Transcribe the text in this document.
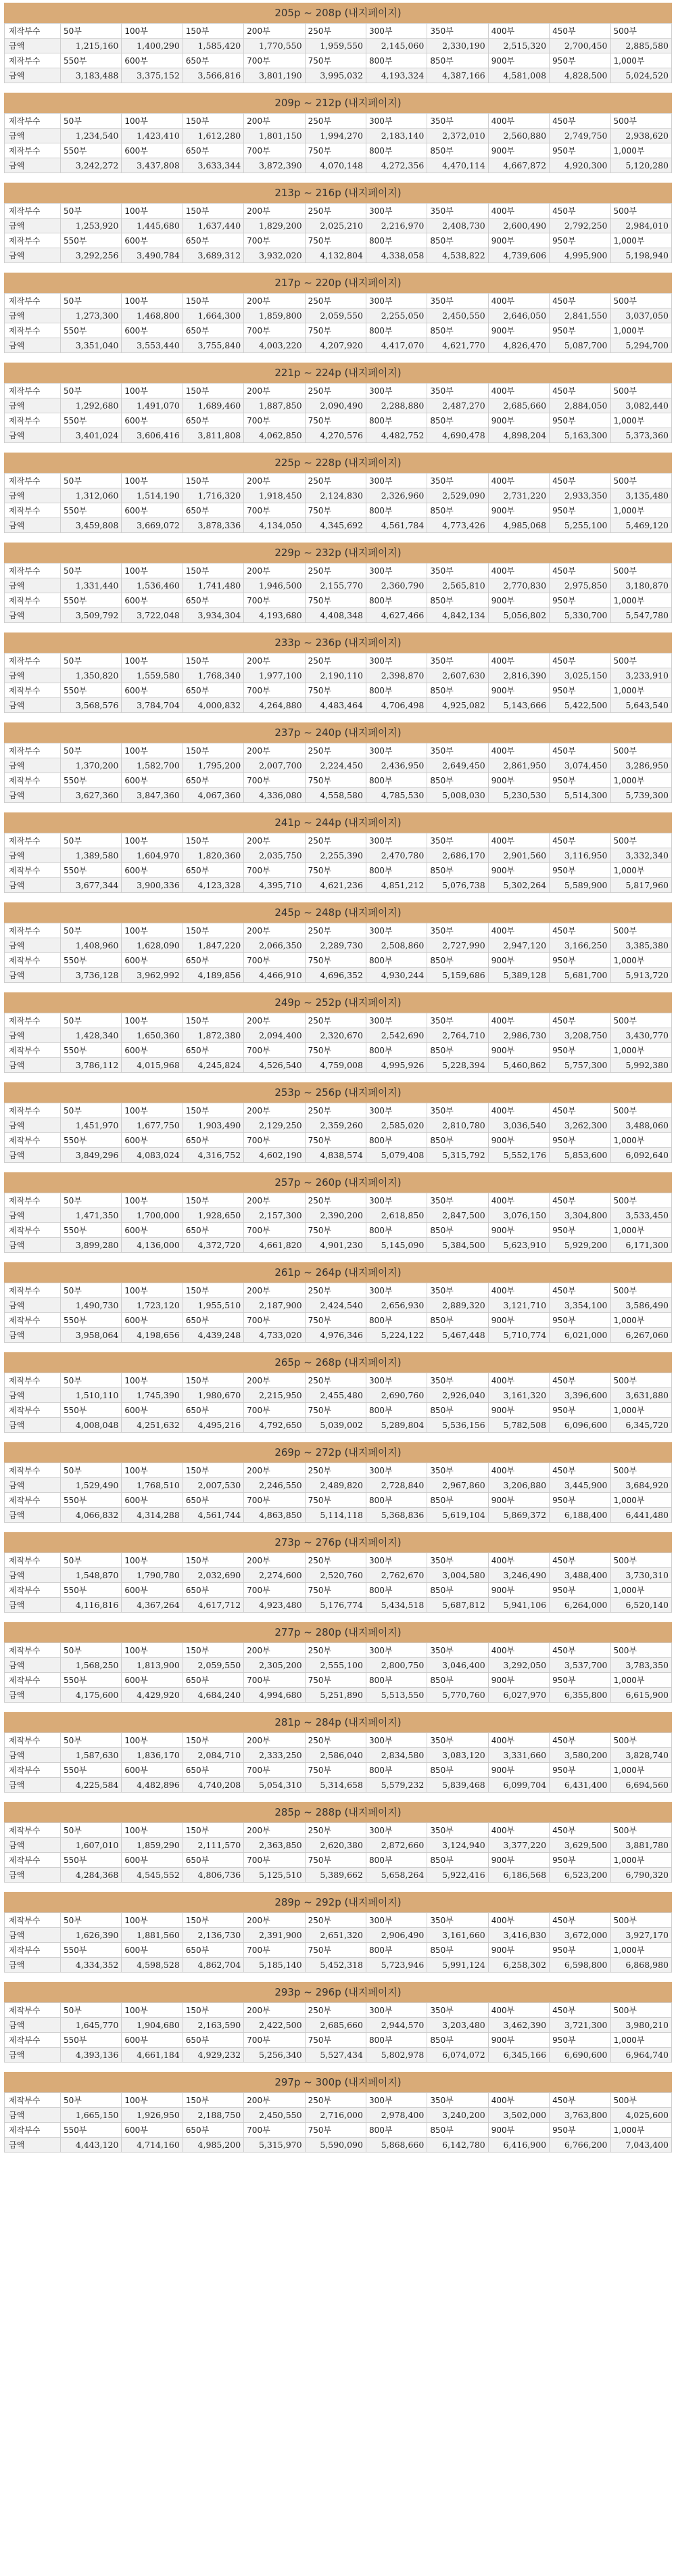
205p ~ 208p (내지페이지)
제작부수	50부	100부	150부	200부	250부	300부	350부	400부	450부	500부
금액	1,215,160	1,400,290	1,585,420	1,770,550	1,959,550	2,145,060	2,330,190	2,515,320	2,700,450	2,885,580
제작부수	550부	600부	650부	700부	750부	800부	850부	900부	950부	1,000부
금액	3,183,488	3,375,152	3,566,816	3,801,190	3,995,032	4,193,324	4,387,166	4,581,008	4,828,500	5,024,520
209p ~ 212p (내지페이지)
제작부수	50부	100부	150부	200부	250부	300부	350부	400부	450부	500부
금액	1,234,540	1,423,410	1,612,280	1,801,150	1,994,270	2,183,140	2,372,010	2,560,880	2,749,750	2,938,620
제작부수	550부	600부	650부	700부	750부	800부	850부	900부	950부	1,000부
금액	3,242,272	3,437,808	3,633,344	3,872,390	4,070,148	4,272,356	4,470,114	4,667,872	4,920,300	5,120,280
213p ~ 216p (내지페이지)
제작부수	50부	100부	150부	200부	250부	300부	350부	400부	450부	500부
금액	1,253,920	1,445,680	1,637,440	1,829,200	2,025,210	2,216,970	2,408,730	2,600,490	2,792,250	2,984,010
제작부수	550부	600부	650부	700부	750부	800부	850부	900부	950부	1,000부
금액	3,292,256	3,490,784	3,689,312	3,932,020	4,132,804	4,338,058	4,538,822	4,739,606	4,995,900	5,198,940
217p ~ 220p (내지페이지)
제작부수	50부	100부	150부	200부	250부	300부	350부	400부	450부	500부
금액	1,273,300	1,468,800	1,664,300	1,859,800	2,059,550	2,255,050	2,450,550	2,646,050	2,841,550	3,037,050
제작부수	550부	600부	650부	700부	750부	800부	850부	900부	950부	1,000부
금액	3,351,040	3,553,440	3,755,840	4,003,220	4,207,920	4,417,070	4,621,770	4,826,470	5,087,700	5,294,700
221p ~ 224p (내지페이지)
제작부수	50부	100부	150부	200부	250부	300부	350부	400부	450부	500부
금액	1,292,680	1,491,070	1,689,460	1,887,850	2,090,490	2,288,880	2,487,270	2,685,660	2,884,050	3,082,440
제작부수	550부	600부	650부	700부	750부	800부	850부	900부	950부	1,000부
금액	3,401,024	3,606,416	3,811,808	4,062,850	4,270,576	4,482,752	4,690,478	4,898,204	5,163,300	5,373,360
225p ~ 228p (내지페이지)
제작부수	50부	100부	150부	200부	250부	300부	350부	400부	450부	500부
금액	1,312,060	1,514,190	1,716,320	1,918,450	2,124,830	2,326,960	2,529,090	2,731,220	2,933,350	3,135,480
제작부수	550부	600부	650부	700부	750부	800부	850부	900부	950부	1,000부
금액	3,459,808	3,669,072	3,878,336	4,134,050	4,345,692	4,561,784	4,773,426	4,985,068	5,255,100	5,469,120
229p ~ 232p (내지페이지)
제작부수	50부	100부	150부	200부	250부	300부	350부	400부	450부	500부
금액	1,331,440	1,536,460	1,741,480	1,946,500	2,155,770	2,360,790	2,565,810	2,770,830	2,975,850	3,180,870
제작부수	550부	600부	650부	700부	750부	800부	850부	900부	950부	1,000부
금액	3,509,792	3,722,048	3,934,304	4,193,680	4,408,348	4,627,466	4,842,134	5,056,802	5,330,700	5,547,780
233p ~ 236p (내지페이지)
제작부수	50부	100부	150부	200부	250부	300부	350부	400부	450부	500부
금액	1,350,820	1,559,580	1,768,340	1,977,100	2,190,110	2,398,870	2,607,630	2,816,390	3,025,150	3,233,910
제작부수	550부	600부	650부	700부	750부	800부	850부	900부	950부	1,000부
금액	3,568,576	3,784,704	4,000,832	4,264,880	4,483,464	4,706,498	4,925,082	5,143,666	5,422,500	5,643,540
237p ~ 240p (내지페이지)
제작부수	50부	100부	150부	200부	250부	300부	350부	400부	450부	500부
금액	1,370,200	1,582,700	1,795,200	2,007,700	2,224,450	2,436,950	2,649,450	2,861,950	3,074,450	3,286,950
제작부수	550부	600부	650부	700부	750부	800부	850부	900부	950부	1,000부
금액	3,627,360	3,847,360	4,067,360	4,336,080	4,558,580	4,785,530	5,008,030	5,230,530	5,514,300	5,739,300
241p ~ 244p (내지페이지)
제작부수	50부	100부	150부	200부	250부	300부	350부	400부	450부	500부
금액	1,389,580	1,604,970	1,820,360	2,035,750	2,255,390	2,470,780	2,686,170	2,901,560	3,116,950	3,332,340
제작부수	550부	600부	650부	700부	750부	800부	850부	900부	950부	1,000부
금액	3,677,344	3,900,336	4,123,328	4,395,710	4,621,236	4,851,212	5,076,738	5,302,264	5,589,900	5,817,960
245p ~ 248p (내지페이지)
제작부수	50부	100부	150부	200부	250부	300부	350부	400부	450부	500부
금액	1,408,960	1,628,090	1,847,220	2,066,350	2,289,730	2,508,860	2,727,990	2,947,120	3,166,250	3,385,380
제작부수	550부	600부	650부	700부	750부	800부	850부	900부	950부	1,000부
금액	3,736,128	3,962,992	4,189,856	4,466,910	4,696,352	4,930,244	5,159,686	5,389,128	5,681,700	5,913,720
249p ~ 252p (내지페이지)
제작부수	50부	100부	150부	200부	250부	300부	350부	400부	450부	500부
금액	1,428,340	1,650,360	1,872,380	2,094,400	2,320,670	2,542,690	2,764,710	2,986,730	3,208,750	3,430,770
제작부수	550부	600부	650부	700부	750부	800부	850부	900부	950부	1,000부
금액	3,786,112	4,015,968	4,245,824	4,526,540	4,759,008	4,995,926	5,228,394	5,460,862	5,757,300	5,992,380
253p ~ 256p (내지페이지)
제작부수	50부	100부	150부	200부	250부	300부	350부	400부	450부	500부
금액	1,451,970	1,677,750	1,903,490	2,129,250	2,359,260	2,585,020	2,810,780	3,036,540	3,262,300	3,488,060
제작부수	550부	600부	650부	700부	750부	800부	850부	900부	950부	1,000부
금액	3,849,296	4,083,024	4,316,752	4,602,190	4,838,574	5,079,408	5,315,792	5,552,176	5,853,600	6,092,640
257p ~ 260p (내지페이지)
제작부수	50부	100부	150부	200부	250부	300부	350부	400부	450부	500부
금액	1,471,350	1,700,000	1,928,650	2,157,300	2,390,200	2,618,850	2,847,500	3,076,150	3,304,800	3,533,450
제작부수	550부	600부	650부	700부	750부	800부	850부	900부	950부	1,000부
금액	3,899,280	4,136,000	4,372,720	4,661,820	4,901,230	5,145,090	5,384,500	5,623,910	5,929,200	6,171,300
261p ~ 264p (내지페이지)
제작부수	50부	100부	150부	200부	250부	300부	350부	400부	450부	500부
금액	1,490,730	1,723,120	1,955,510	2,187,900	2,424,540	2,656,930	2,889,320	3,121,710	3,354,100	3,586,490
제작부수	550부	600부	650부	700부	750부	800부	850부	900부	950부	1,000부
금액	3,958,064	4,198,656	4,439,248	4,733,020	4,976,346	5,224,122	5,467,448	5,710,774	6,021,000	6,267,060
265p ~ 268p (내지페이지)
제작부수	50부	100부	150부	200부	250부	300부	350부	400부	450부	500부
금액	1,510,110	1,745,390	1,980,670	2,215,950	2,455,480	2,690,760	2,926,040	3,161,320	3,396,600	3,631,880
제작부수	550부	600부	650부	700부	750부	800부	850부	900부	950부	1,000부
금액	4,008,048	4,251,632	4,495,216	4,792,650	5,039,002	5,289,804	5,536,156	5,782,508	6,096,600	6,345,720
269p ~ 272p (내지페이지)
제작부수	50부	100부	150부	200부	250부	300부	350부	400부	450부	500부
금액	1,529,490	1,768,510	2,007,530	2,246,550	2,489,820	2,728,840	2,967,860	3,206,880	3,445,900	3,684,920
제작부수	550부	600부	650부	700부	750부	800부	850부	900부	950부	1,000부
금액	4,066,832	4,314,288	4,561,744	4,863,850	5,114,118	5,368,836	5,619,104	5,869,372	6,188,400	6,441,480
273p ~ 276p (내지페이지)
제작부수	50부	100부	150부	200부	250부	300부	350부	400부	450부	500부
금액	1,548,870	1,790,780	2,032,690	2,274,600	2,520,760	2,762,670	3,004,580	3,246,490	3,488,400	3,730,310
제작부수	550부	600부	650부	700부	750부	800부	850부	900부	950부	1,000부
금액	4,116,816	4,367,264	4,617,712	4,923,480	5,176,774	5,434,518	5,687,812	5,941,106	6,264,000	6,520,140
277p ~ 280p (내지페이지)
제작부수	50부	100부	150부	200부	250부	300부	350부	400부	450부	500부
금액	1,568,250	1,813,900	2,059,550	2,305,200	2,555,100	2,800,750	3,046,400	3,292,050	3,537,700	3,783,350
제작부수	550부	600부	650부	700부	750부	800부	850부	900부	950부	1,000부
금액	4,175,600	4,429,920	4,684,240	4,994,680	5,251,890	5,513,550	5,770,760	6,027,970	6,355,800	6,615,900
281p ~ 284p (내지페이지)
제작부수	50부	100부	150부	200부	250부	300부	350부	400부	450부	500부
금액	1,587,630	1,836,170	2,084,710	2,333,250	2,586,040	2,834,580	3,083,120	3,331,660	3,580,200	3,828,740
제작부수	550부	600부	650부	700부	750부	800부	850부	900부	950부	1,000부
금액	4,225,584	4,482,896	4,740,208	5,054,310	5,314,658	5,579,232	5,839,468	6,099,704	6,431,400	6,694,560
285p ~ 288p (내지페이지)
제작부수	50부	100부	150부	200부	250부	300부	350부	400부	450부	500부
금액	1,607,010	1,859,290	2,111,570	2,363,850	2,620,380	2,872,660	3,124,940	3,377,220	3,629,500	3,881,780
제작부수	550부	600부	650부	700부	750부	800부	850부	900부	950부	1,000부
금액	4,284,368	4,545,552	4,806,736	5,125,510	5,389,662	5,658,264	5,922,416	6,186,568	6,523,200	6,790,320
289p ~ 292p (내지페이지)
제작부수	50부	100부	150부	200부	250부	300부	350부	400부	450부	500부
금액	1,626,390	1,881,560	2,136,730	2,391,900	2,651,320	2,906,490	3,161,660	3,416,830	3,672,000	3,927,170
제작부수	550부	600부	650부	700부	750부	800부	850부	900부	950부	1,000부
금액	4,334,352	4,598,528	4,862,704	5,185,140	5,452,318	5,723,946	5,991,124	6,258,302	6,598,800	6,868,980
293p ~ 296p (내지페이지)
제작부수	50부	100부	150부	200부	250부	300부	350부	400부	450부	500부
금액	1,645,770	1,904,680	2,163,590	2,422,500	2,685,660	2,944,570	3,203,480	3,462,390	3,721,300	3,980,210
제작부수	550부	600부	650부	700부	750부	800부	850부	900부	950부	1,000부
금액	4,393,136	4,661,184	4,929,232	5,256,340	5,527,434	5,802,978	6,074,072	6,345,166	6,690,600	6,964,740
297p ~ 300p (내지페이지)
제작부수	50부	100부	150부	200부	250부	300부	350부	400부	450부	500부
금액	1,665,150	1,926,950	2,188,750	2,450,550	2,716,000	2,978,400	3,240,200	3,502,000	3,763,800	4,025,600
제작부수	550부	600부	650부	700부	750부	800부	850부	900부	950부	1,000부
금액	4,443,120	4,714,160	4,985,200	5,315,970	5,590,090	5,868,660	6,142,780	6,416,900	6,766,200	7,043,400
